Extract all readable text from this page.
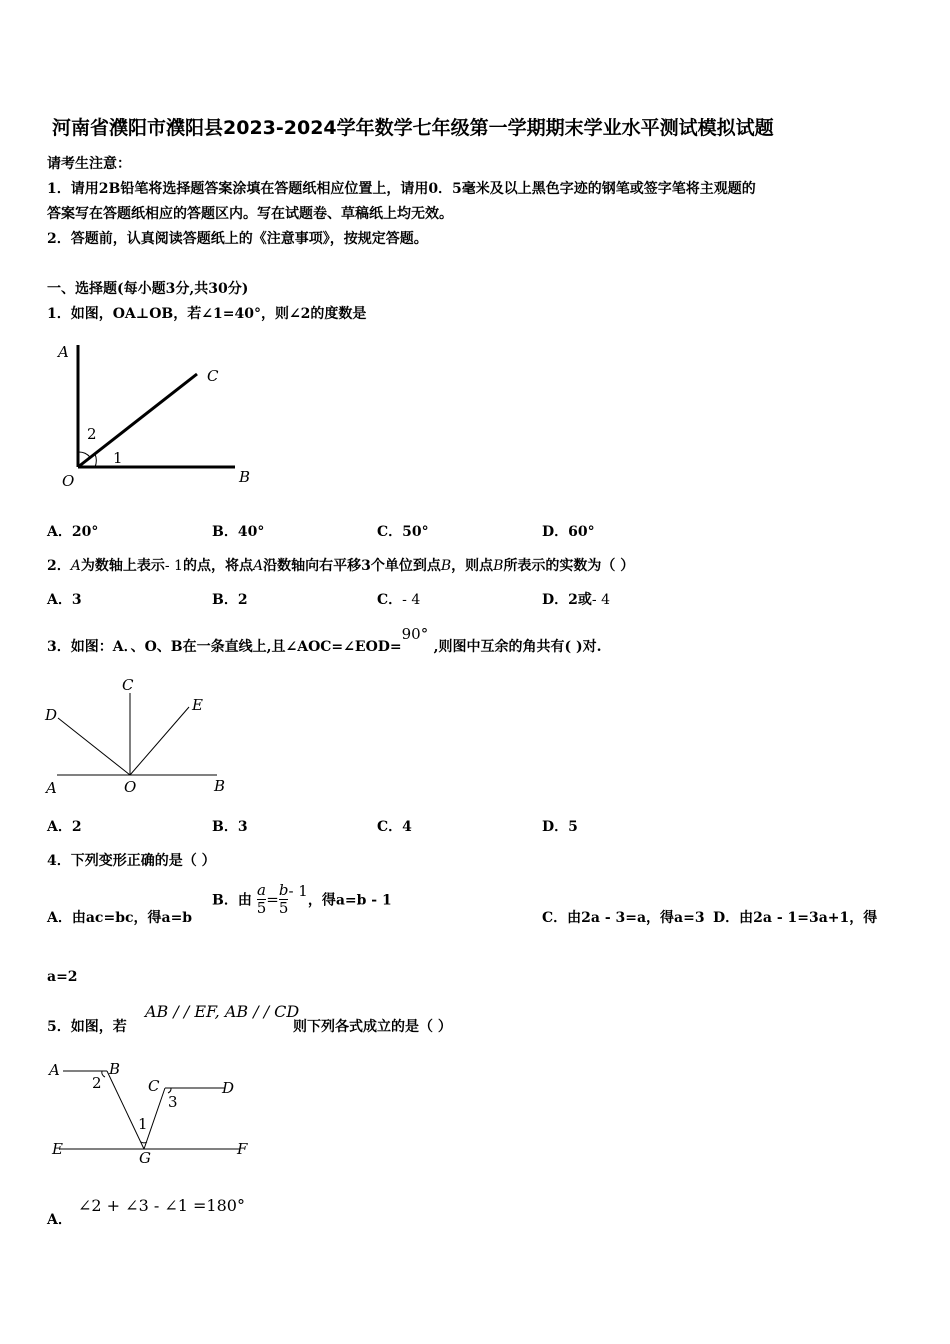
河南省濮阳市濮阳县2023-2024学年数学七年级第一学期期末学业水平测试模拟试题
请考生注意：
1．请用2B铅笔将选择题答案涂填在答题纸相应位置上，请用0．5毫米及以上黑色字迹的钢笔或签字笔将主观题的
答案写在答题纸相应的答题区内。写在试题卷、草稿纸上均无效。
2．答题前，认真阅读答题纸上的《注意事项》，按规定答题。
一、选择题(每小题3分,共30分)
1．如图，OA⊥OB，若∠1=40°，则∠2的度数是
A
C
B
O
2
1
A．20°	B．40°	C．50°	D．60°
2．A为数轴上表示- 1的点，将点A沿数轴向右平移3个单位到点B，则点B所表示的实数为（ ）
A．3	B．2	C．- 4	D．2或- 4
3．如图：A．、O、B在一条直线上,且∠AOC=∠EOD=90°,则图中互余的角共有( )对.
C
D
E
A	O	B
A．2	B．3	C．4	D．5
4．下列变形正确的是（ ）
A．由ac=bc，得a=b
B．由 $\frac{a}{5} = \frac{b}{5} - 1$，得a=b - 1
C．由2a - 3=a，得a=3 D．由2a - 1=3a+1，得
a=2
5．如图，若
AB / / EF, AB / / CD
则下列各式成立的是（ ）
A	B
C	D
E	F
G
2
3
1
A．
∠2 + ∠3 - ∠1 =180°
